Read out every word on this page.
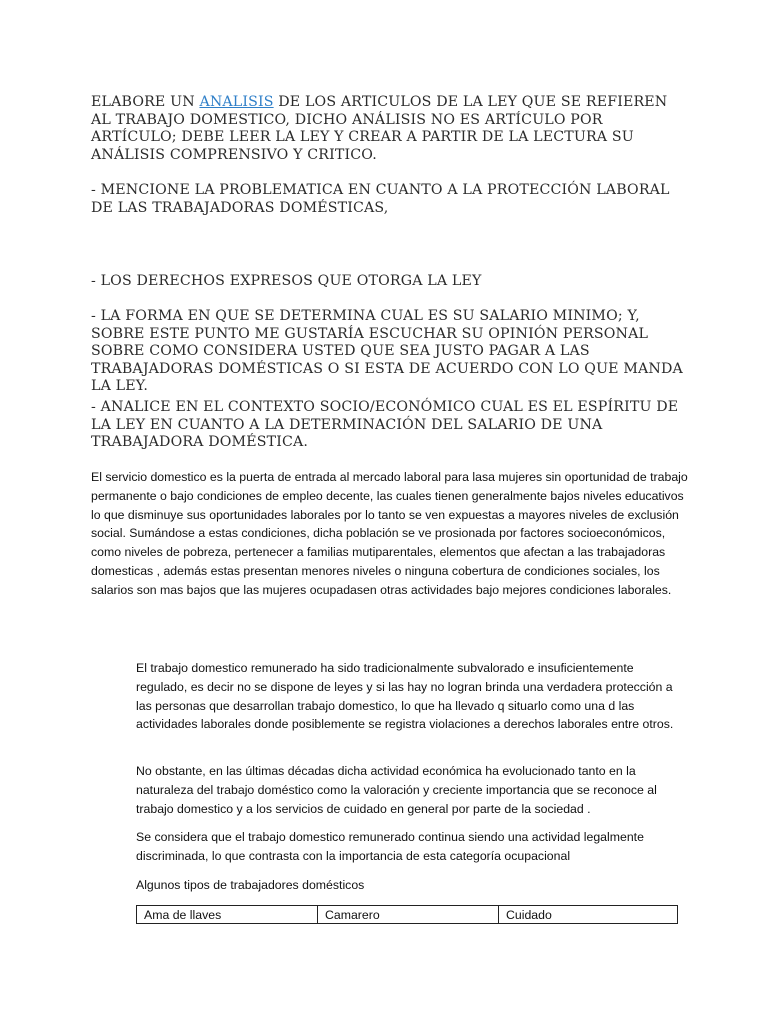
ELABORE UN ANALISIS DE LOS ARTICULOS DE LA LEY QUE SE REFIEREN AL TRABAJO DOMESTICO, DICHO ANÁLISIS NO ES ARTÍCULO POR ARTÍCULO; DEBE LEER LA LEY Y CREAR A PARTIR DE LA LECTURA SU ANÁLISIS COMPRENSIVO Y CRITICO.

- MENCIONE LA PROBLEMATICA EN CUANTO A LA PROTECCIÓN LABORAL DE LAS TRABAJADORAS DOMÉSTICAS,

- LOS DERECHOS EXPRESOS QUE OTORGA LA LEY

- LA FORMA EN QUE SE DETERMINA CUAL ES SU SALARIO MINIMO; Y, SOBRE ESTE PUNTO ME GUSTARÍA ESCUCHAR SU OPINIÓN PERSONAL SOBRE COMO CONSIDERA USTED QUE SEA JUSTO PAGAR A LAS TRABAJADORAS DOMÉSTICAS O SI ESTA DE ACUERDO CON LO QUE MANDA LA LEY.

- ANALICE EN EL CONTEXTO SOCIO/ECONÓMICO CUAL ES EL ESPÍRITU DE LA LEY EN CUANTO A LA DETERMINACIÓN DEL SALARIO DE UNA TRABAJADORA DOMÉSTICA.

El servicio domestico es la puerta de entrada al mercado laboral para lasa mujeres sin oportunidad de trabajo permanente o bajo condiciones de empleo decente, las cuales tienen generalmente bajos niveles educativos lo que disminuye sus oportunidades laborales por lo tanto se ven expuestas a mayores niveles de exclusión social. Sumándose a estas condiciones, dicha población se ve prosionada por factores socioeconómicos, como niveles de pobreza, pertenecer a familias mutiparentales, elementos que afectan a las trabajadoras domesticas , además estas presentan menores niveles o ninguna cobertura de condiciones sociales, los salarios son mas bajos que las mujeres ocupadasen otras actividades bajo mejores condiciones laborales.

El trabajo domestico remunerado ha sido tradicionalmente subvalorado e insuficientemente regulado, es decir no se dispone de leyes y si las hay no logran brinda una verdadera protección a las personas que desarrollan trabajo domestico, lo que ha llevado q situarlo como una d las actividades laborales donde posiblemente se registra violaciones a derechos laborales entre otros.

No obstante, en las últimas décadas dicha actividad económica ha evolucionado tanto en la naturaleza del trabajo doméstico como la valoración y creciente importancia que se reconoce al trabajo domestico y a los servicios de cuidado en general por parte de la sociedad .

Se considera que el trabajo domestico remunerado continua siendo una actividad legalmente discriminada, lo que contrasta con la importancia de esta categoría ocupacional

Algunos tipos de trabajadores domésticos

Ama de llaves	Camarero	Cuidado
